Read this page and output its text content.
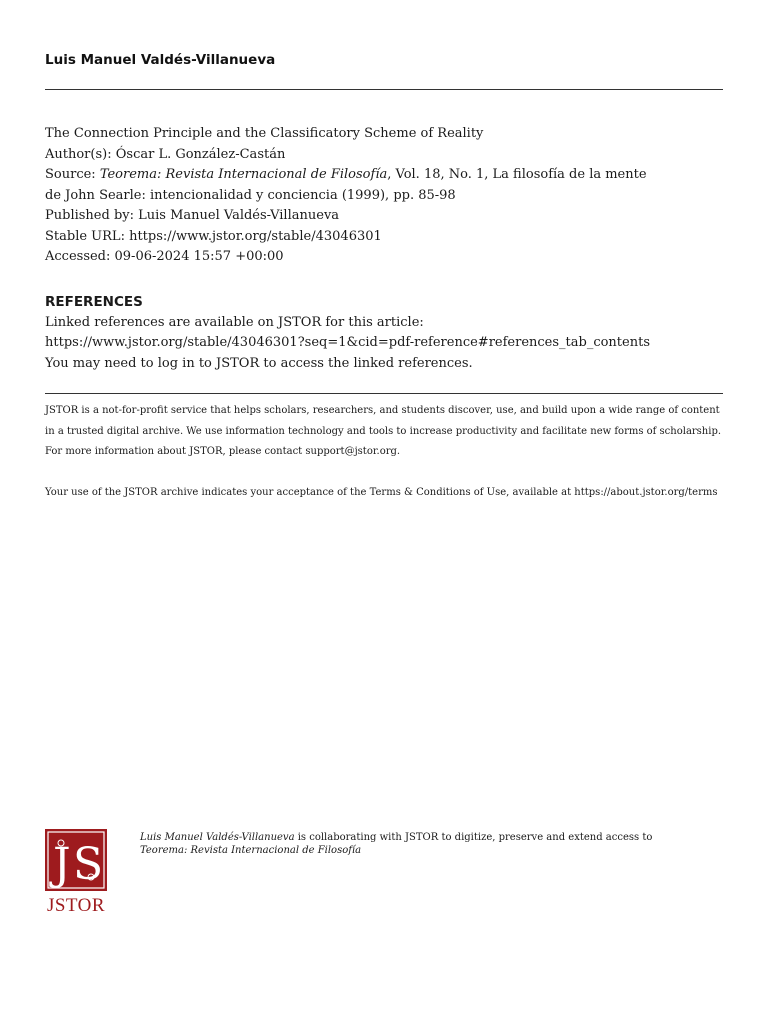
Luis Manuel Valdés-Villanueva
The Connection Principle and the Classificatory Scheme of Reality
Author(s): Óscar L. González-Castán
Source: Teorema: Revista Internacional de Filosofía, Vol. 18, No. 1, La filosofía de la mente
de John Searle: intencionalidad y conciencia (1999), pp. 85-98
Published by: Luis Manuel Valdés-Villanueva
Stable URL: https://www.jstor.org/stable/43046301
Accessed: 09-06-2024 15:57 +00:00
REFERENCES
Linked references are available on JSTOR for this article:
https://www.jstor.org/stable/43046301?seq=1&cid=pdf-reference#references_tab_contents
You may need to log in to JSTOR to access the linked references.

JSTOR is a not-for-profit service that helps scholars, researchers, and students discover, use, and build upon a wide range of content in a trusted digital archive. We use information technology and tools to increase productivity and facilitate new forms of scholarship. For more information about JSTOR, please contact support@jstor.org.

Your use of the JSTOR archive indicates your acceptance of the Terms & Conditions of Use, available at https://about.jstor.org/terms

J S
JSTOR
Luis Manuel Valdés-Villanueva is collaborating with JSTOR to digitize, preserve and extend access to Teorema: Revista Internacional de Filosofía
